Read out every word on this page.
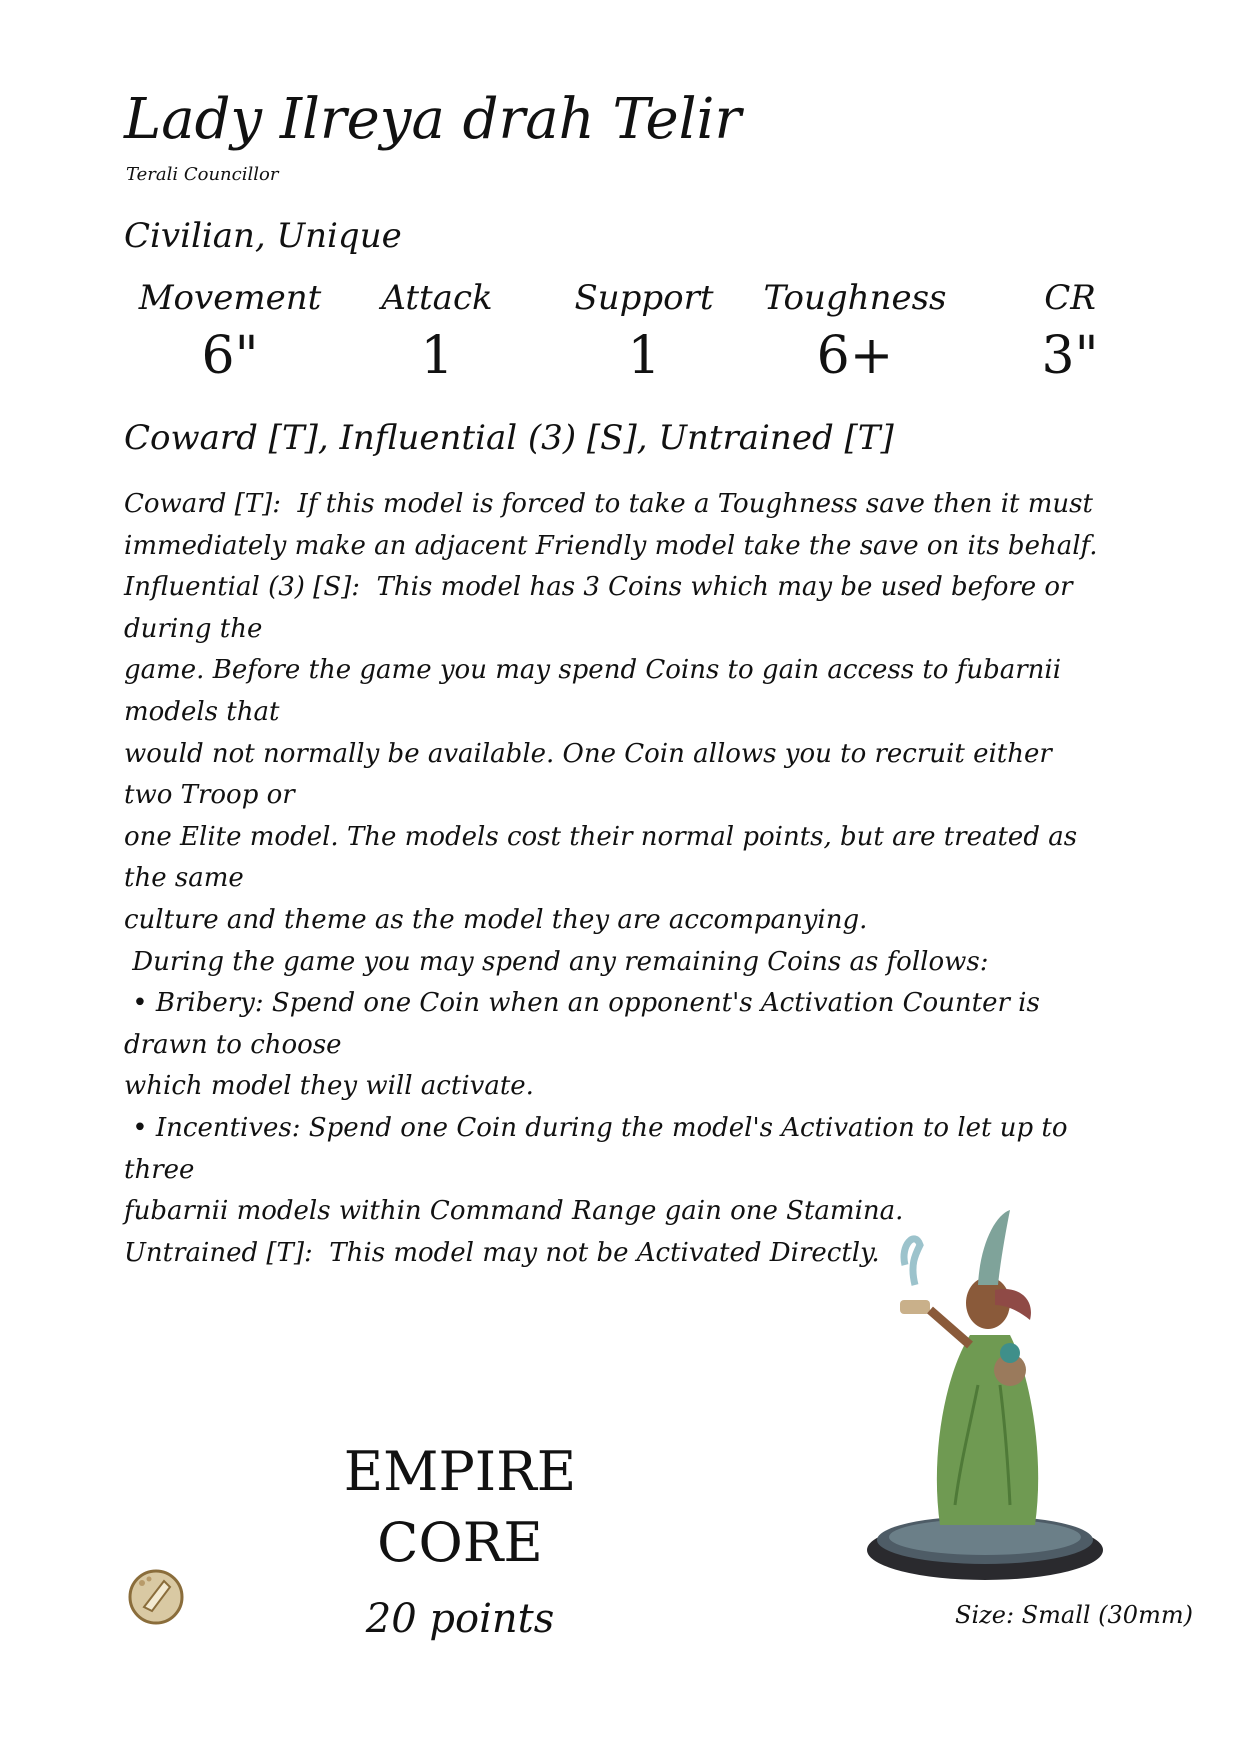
Lady Ilreya drah Telir
Terali Councillor
Civilian, Unique
Movement
6"
Attack
1
Support
1
Toughness
6+
CR
3"
Coward [T], Influential (3) [S], Untrained [T]

Coward [T]:  If this model is forced to take a Toughness save then it must

immediately make an adjacent Friendly model take the save on its behalf.

Influential (3) [S]:  This model has 3 Coins which may be used before or during the

game. Before the game you may spend Coins to gain access to fubarnii models that

would not normally be available. One Coin allows you to recruit either two Troop or

one Elite model. The models cost their normal points, but are treated as the same

culture and theme as the model they are accompanying.

During the game you may spend any remaining Coins as follows:

• Bribery: Spend one Coin when an opponent's Activation Counter is drawn to choose

which model they will activate.

• Incentives: Spend one Coin during the model's Activation to let up to three

fubarnii models within Command Range gain one Stamina.

Untrained [T]:  This model may not be Activated Directly.

EMPIRE
CORE
20 points	Size: Small (30mm)
